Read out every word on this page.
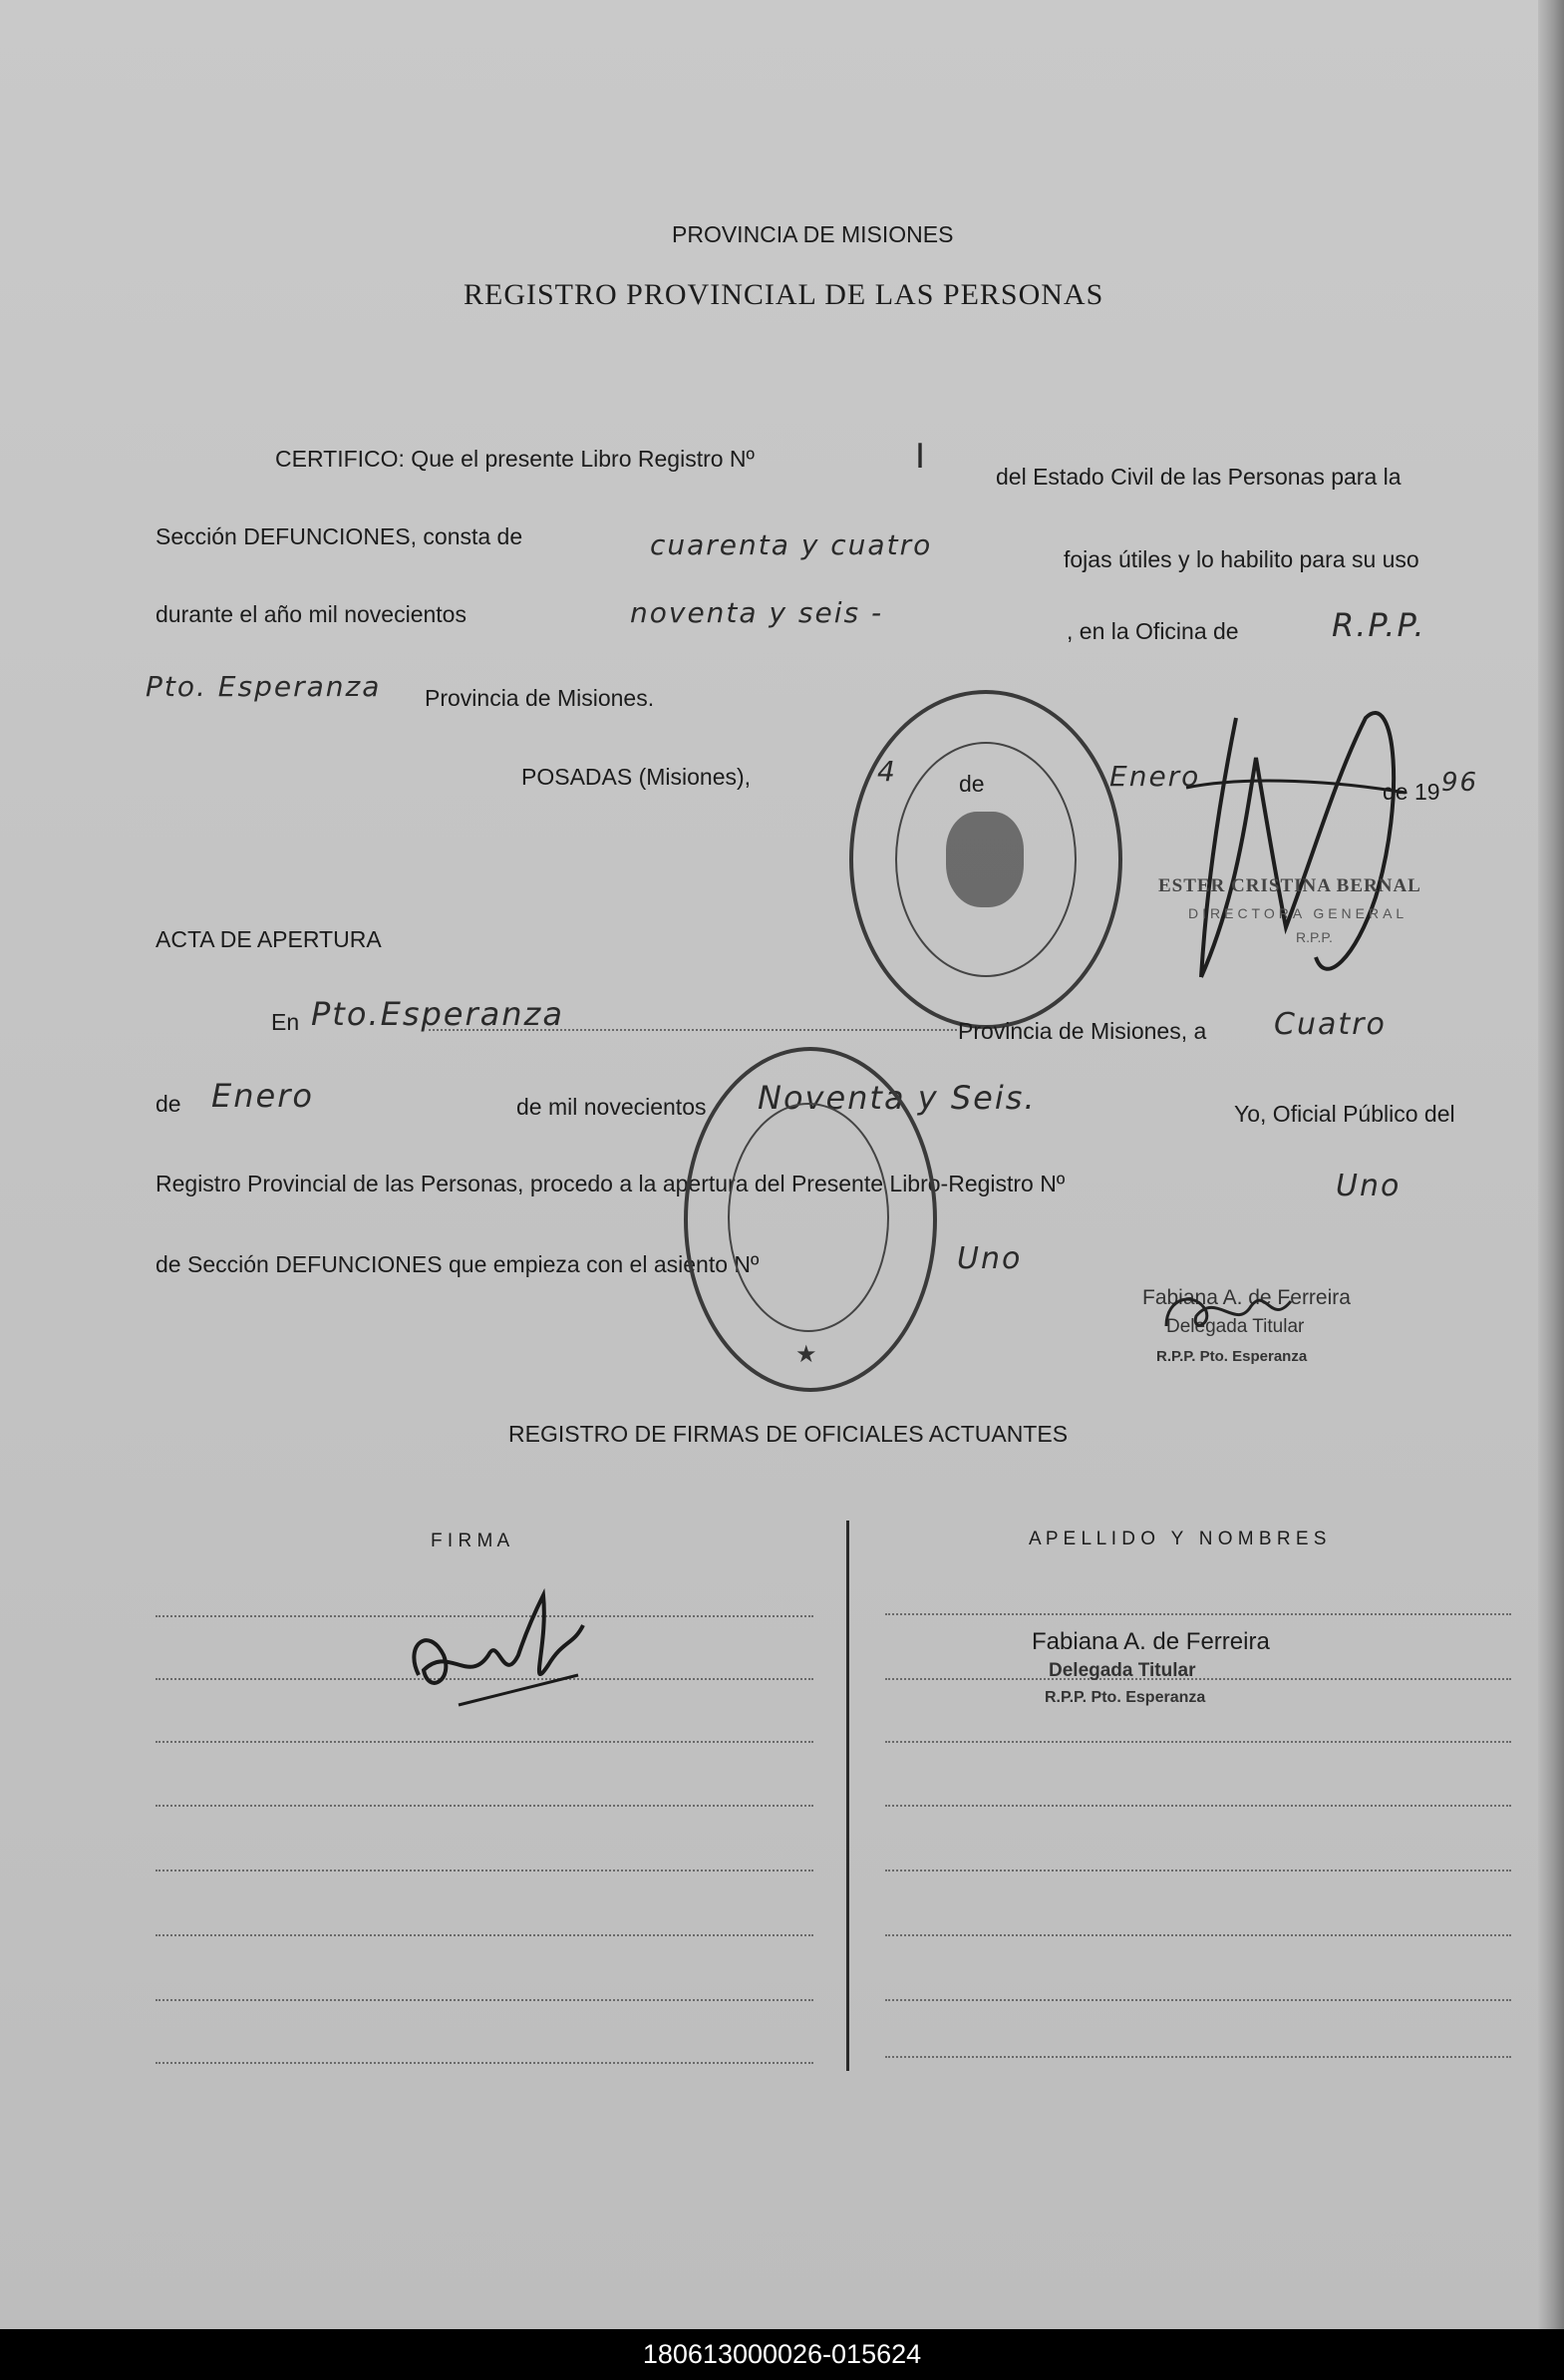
PROVINCIA DE MISIONES
REGISTRO PROVINCIAL DE LAS PERSONAS
CERTIFICO: Que el presente Libro Registro Nº	I	del Estado Civil de las Personas para la
Sección DEFUNCIONES, consta de	cuarenta y cuatro	fojas útiles y lo habilito para su uso
durante el año mil novecientos	noventa y seis -
, en la Oficina de	R.P.P.
Pto. Esperanza Provincia de Misiones.
POSADAS (Misiones),	4	de	Enero	de 19 96
ESTER CRISTINA BERNAL
DIRECTORA GENERAL
R.P.P.
ACTA DE APERTURA
En Pto.Esperanza	Provincia de Misiones, a Cuatro
de Enero	de mil novecientos Noventa y Seis.	Yo, Oficial Público del
Registro Provincial de las Personas, procedo a la apertura del Presente Libro-Registro Nº	Uno
de Sección DEFUNCIONES que empieza con el asiento Nº	Uno
★
Fabiana A. de Ferreira
Delegada Titular
R.P.P. Pto. Esperanza
REGISTRO DE FIRMAS DE OFICIALES ACTUANTES
F I R M A	A P E L L I D O   Y   N O M B R E S
Fabiana A. de Ferreira
Delegada Titular
R.P.P. Pto. Esperanza
180613000026-015624
